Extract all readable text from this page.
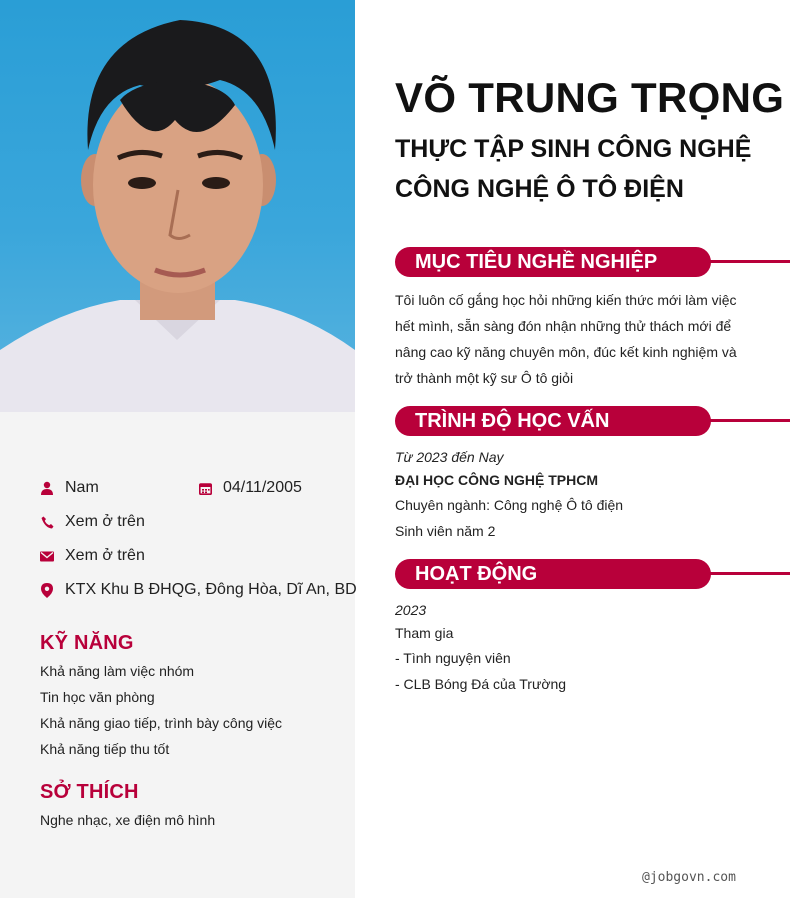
Nam	04/11/2005
Xem ở trên
Xem ở trên
KTX Khu B ĐHQG, Đông Hòa, Dĩ An, BD
KỸ NĂNG
Khả năng làm việc nhóm
Tin học văn phòng
Khả năng giao tiếp, trình bày công việc
Khả năng tiếp thu tốt
SỞ THÍCH
Nghe nhạc, xe điện mô hình
VÕ TRUNG TRỌNG
THỰC TẬP SINH CÔNG NGHỆ
CÔNG NGHỆ Ô TÔ ĐIỆN
MỤC TIÊU NGHỀ NGHIỆP
Tôi luôn cố gắng học hỏi những kiến thức mới làm việc hết mình, sẵn sàng đón nhận những thử thách mới để nâng cao kỹ năng chuyên môn, đúc kết kinh nghiệm và trở thành một kỹ sư Ô tô giỏi
TRÌNH ĐỘ HỌC VẤN
Từ 2023 đến Nay
ĐẠI HỌC CÔNG NGHỆ TPHCM
Chuyên ngành: Công nghệ Ô tô điện
Sinh viên năm 2
HOẠT ĐỘNG
2023
Tham gia
- Tình nguyện viên
- CLB Bóng Đá của Trường
@jobgovn.com
